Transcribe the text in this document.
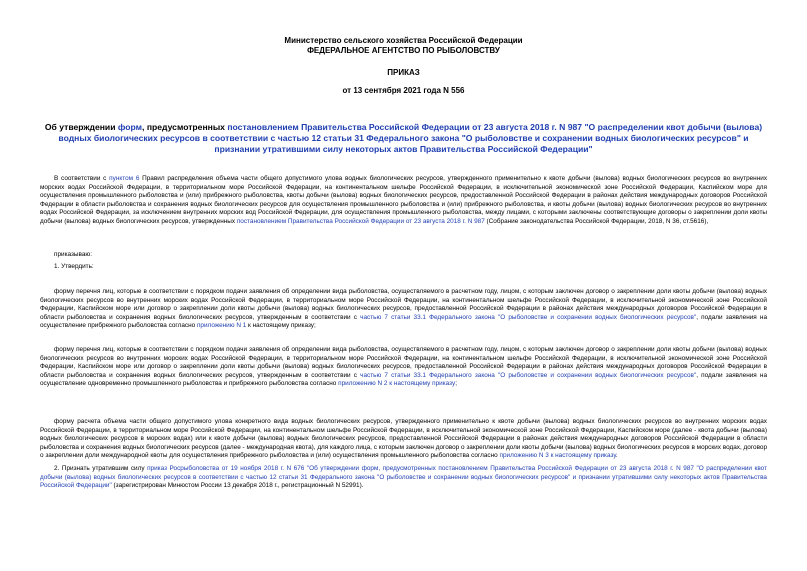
Министерство сельского хозяйства Российской Федерации
ФЕДЕРАЛЬНОЕ АГЕНТСТВО ПО РЫБОЛОВСТВУ
ПРИКАЗ
от 13 сентября 2021 года N 556
Об утверждении форм, предусмотренных постановлением Правительства Российской Федерации от 23 августа 2018 г. N 987 "О распределении квот добычи (вылова) водных биологических ресурсов в соответствии с частью 12 статьи 31 Федерального закона "О рыболовстве и сохранении водных биологических ресурсов" и признании утратившими силу некоторых актов Правительства Российской Федерации"
В соответствии с пунктом 6 Правил распределения объема части общего допустимого улова водных биологических ресурсов, утвержденного применительно к квоте добычи (вылова) водных биологических ресурсов во внутренних морских водах Российской Федерации, в территориальном море Российской Федерации, на континентальном шельфе Российской Федерации, в исключительной экономической зоне Российской Федерации, Каспийском море для осуществления промышленного рыболовства и (или) прибрежного рыболовства, квоты добычи (вылова) водных биологических ресурсов, предоставленной Российской Федерации в районах действия международных договоров Российской Федерации в области рыболовства и сохранения водных биологических ресурсов для осуществления промышленного рыболовства и (или) прибрежного рыболовства, и квоты добычи (вылова) водных биологических ресурсов во внутренних водах Российской Федерации, за исключением внутренних морских вод Российской Федерации, для осуществления промышленного рыболовства, между лицами, с которыми заключены соответствующие договоры о закреплении доли квоты добычи (вылова) водных биологических ресурсов, утвержденных постановлением Правительства Российской Федерации от 23 августа 2018 г. N 987 (Собрание законодательства Российской Федерации, 2018, N 36, ст.5616),
приказываю:
1. Утвердить:
форму перечня лиц, которые в соответствии с порядком подачи заявления об определении вида рыболовства, осуществляемого в расчетном году, лицом, с которым заключен договор о закреплении доли квоты добычи (вылова) водных биологических ресурсов во внутренних морских водах Российской Федерации, в территориальном море Российской Федерации, на континентальном шельфе Российской Федерации, в исключительной экономической зоне Российской Федерации, Каспийском море или договор о закреплении доли квоты добычи (вылова) водных биологических ресурсов, предоставленной Российской Федерации в районах действия международных договоров Российской Федерации в области рыболовства и сохранения водных биологических ресурсов, утвержденным в соответствии с частью 7 статьи 33.1 Федерального закона "О рыболовстве и сохранении водных биологических ресурсов", подали заявления на осуществление прибрежного рыболовства согласно приложению N 1 к настоящему приказу;
форму перечня лиц, которые в соответствии с порядком подачи заявления об определении вида рыболовства, осуществляемого в расчетном году, лицом, с которым заключен договор о закреплении доли квоты добычи (вылова) водных биологических ресурсов во внутренних морских водах Российской Федерации, в территориальном море Российской Федерации, на континентальном шельфе Российской Федерации, в исключительной экономической зоне Российской Федерации, Каспийском море или договор о закреплении доли квоты добычи (вылова) водных биологических ресурсов, предоставленной Российской Федерации в районах действия международных договоров Российской Федерации в области рыболовства и сохранения водных биологических ресурсов, утвержденным в соответствии с частью 7 статьи 33.1 Федерального закона "О рыболовстве и сохранении водных биологических ресурсов", подали заявления на осуществление одновременно промышленного рыболовства и прибрежного рыболовства согласно приложению N 2 к настоящему приказу;
форму расчета объема части общего допустимого улова конкретного вида водных биологических ресурсов, утвержденного применительно к квоте добычи (вылова) водных биологических ресурсов во внутренних морских водах Российской Федерации, в территориальном море Российской Федерации, на континентальном шельфе Российской Федерации, в исключительной экономической зоне Российской Федерации, Каспийском море (далее - квота добычи (вылова) водных биологических ресурсов в морских водах) или к квоте добычи (вылова) водных биологических ресурсов, предоставленной Российской Федерации в районах действия международных договоров Российской Федерации в области рыболовства и сохранения водных биологических ресурсов (далее - международная квота), для каждого лица, с которым заключен договор о закреплении доли квоты добычи (вылова) водных биологических ресурсов в морских водах, договор о закреплении доли международной квоты для осуществления прибрежного рыболовства и (или) осуществления промышленного рыболовства согласно приложению N 3 к настоящему приказу.
2. Признать утратившим силу приказ Росрыболовства от 19 ноября 2018 г. N 676 "Об утверждении форм, предусмотренных постановлением Правительства Российской Федерации от 23 августа 2018 г. N 987 "О распределении квот добычи (вылова) водных биологических ресурсов в соответствии с частью 12 статьи 31 Федерального закона "О рыболовстве и сохранении водных биологических ресурсов" и признании утратившими силу некоторых актов Правительства Российской Федерации" (зарегистрирован Минюстом России 13 декабря 2018 г., регистрационный N 52991).
